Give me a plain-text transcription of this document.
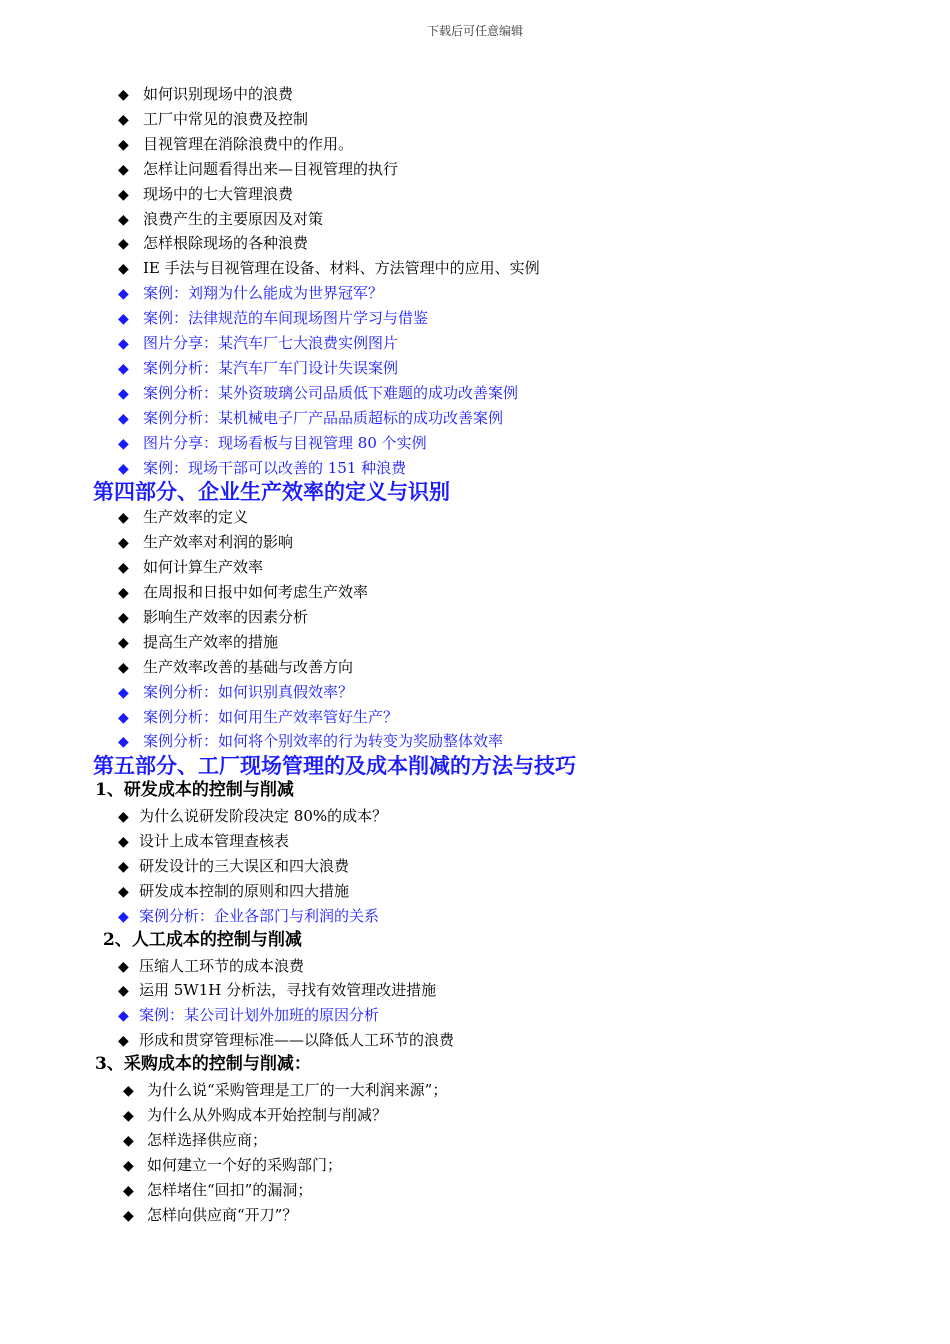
下载后可任意编辑
◆ 如何识别现场中的浪费
◆ 工厂中常见的浪费及控制
◆ 目视管理在消除浪费中的作用。
◆ 怎样让问题看得出来—目视管理的执行
◆ 现场中的七大管理浪费
◆ 浪费产生的主要原因及对策
◆ 怎样根除现场的各种浪费
◆ IE 手法与目视管理在设备、材料、方法管理中的应用、实例
◆ 案例：刘翔为什么能成为世界冠军？
◆ 案例：法律规范的车间现场图片学习与借鉴
◆ 图片分享：某汽车厂七大浪费实例图片
◆ 案例分析：某汽车厂车门设计失误案例
◆ 案例分析：某外资玻璃公司品质低下难题的成功改善案例
◆ 案例分析：某机械电子厂产品品质超标的成功改善案例
◆ 图片分享：现场看板与目视管理 80 个实例
◆ 案例：现场干部可以改善的 151 种浪费
第四部分、企业生产效率的定义与识别
◆ 生产效率的定义
◆ 生产效率对利润的影响
◆ 如何计算生产效率
◆ 在周报和日报中如何考虑生产效率
◆ 影响生产效率的因素分析
◆ 提高生产效率的措施
◆ 生产效率改善的基础与改善方向
◆ 案例分析：如何识别真假效率？
◆ 案例分析：如何用生产效率管好生产？
◆ 案例分析：如何将个别效率的行为转变为奖励整体效率
第五部分、工厂现场管理的及成本削减的方法与技巧
1、研发成本的控制与削减
◆ 为什么说研发阶段决定 80%的成本？
◆ 设计上成本管理查核表
◆ 研发设计的三大误区和四大浪费
◆ 研发成本控制的原则和四大措施
◆ 案例分析：企业各部门与利润的关系
2、人工成本的控制与削减
◆ 压缩人工环节的成本浪费
◆ 运用 5W1H 分析法，寻找有效管理改进措施
◆ 案例：某公司计划外加班的原因分析
◆ 形成和贯穿管理标准——以降低人工环节的浪费
3、采购成本的控制与削减：
◆ 为什么说“采购管理是工厂的一大利润来源”；
◆ 为什么从外购成本开始控制与削减？
◆ 怎样选择供应商；
◆ 如何建立一个好的采购部门；
◆ 怎样堵住“回扣”的漏洞；
◆ 怎样向供应商“开刀”？
